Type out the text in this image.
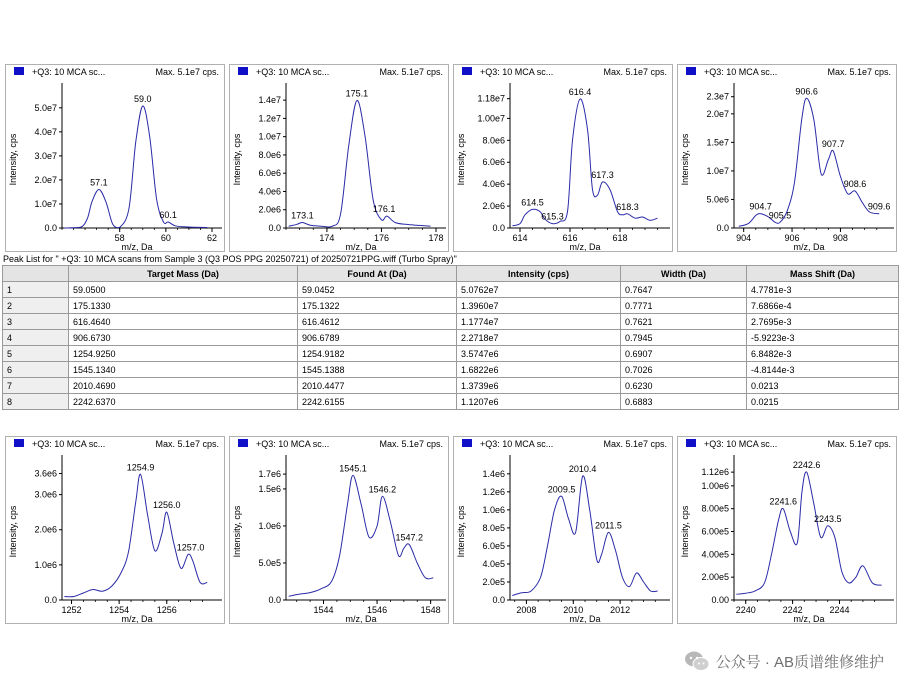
+Q3: 10 MCA sc...	Max. 5.1e7 cps.
0.0
1.0e7
2.0e7
3.0e7
4.0e7
5.0e7
58	60	62
m/z, Da
Intensity, cps	57.1
59.0
60.1
+Q3: 10 MCA sc...	Max. 5.1e7 cps.
0.0
2.0e6
4.0e6
6.0e6
8.0e6
1.0e7
1.2e7
1.4e7
174	176	178
m/z, Da
Intensity, cps
173.1
175.1
176.1
+Q3: 10 MCA sc...	Max. 5.1e7 cps.
0.0
2.0e6
4.0e6
6.0e6
8.0e6
1.00e7
1.18e7
614	616	618
m/z, Da
Intensity, cps
614.5
615.3
616.4
617.3
618.3
+Q3: 10 MCA sc...	Max. 5.1e7 cps.
0.0
5.0e6
1.0e7
1.5e7
2.0e7
2.3e7
904	906	908
m/z, Da
Intensity, cps
904.7
905.5
906.6
907.7
908.6
909.6
+Q3: 10 MCA sc...	Max. 5.1e7 cps.
0.0
1.0e6
2.0e6
3.0e6
3.6e6
1252	1254	1256
m/z, Da
Intensity, cps
1254.9
1256.0
1257.0
+Q3: 10 MCA sc...	Max. 5.1e7 cps.
0.0
5.0e5
1.0e6
1.5e6
1.7e6
1544	1546	1548
m/z, Da
Intensity, cps
1545.1
1546.2
1547.2
+Q3: 10 MCA sc...	Max. 5.1e7 cps.
0.0
2.0e5
4.0e5
6.0e5
8.0e5
1.0e6
1.2e6
1.4e6
2008	2010	2012
m/z, Da
Intensity, cps
2009.5
2010.4
2011.5
+Q3: 10 MCA sc...	Max. 5.1e7 cps.
0.00
2.00e5
4.00e5
6.00e5
8.00e5
1.00e6
1.12e6
2240	2242	2244
m/z, Da
Intensity, cps
2241.6
2242.6
2243.5
Peak List for " +Q3: 10 MCA scans from Sample 3 (Q3 POS PPG 20250721) of 20250721PPG.wiff (Turbo Spray)"
	Target Mass (Da)	Found At (Da)	Intensity (cps)	Width (Da)	Mass Shift (Da)
1	59.0500	59.0452	5.0762e7	0.7647	4.7781e-3
2	175.1330	175.1322	1.3960e7	0.7771	7.6866e-4
3	616.4640	616.4612	1.1774e7	0.7621	2.7695e-3
4	906.6730	906.6789	2.2718e7	0.7945	-5.9223e-3
5	1254.9250	1254.9182	3.5747e6	0.6907	6.8482e-3
6	1545.1340	1545.1388	1.6822e6	0.7026	-4.8144e-3
7	2010.4690	2010.4477	1.3739e6	0.6230	0.0213
8	2242.6370	2242.6155	1.1207e6	0.6883	0.0215
公众号 · AB质谱维修维护
